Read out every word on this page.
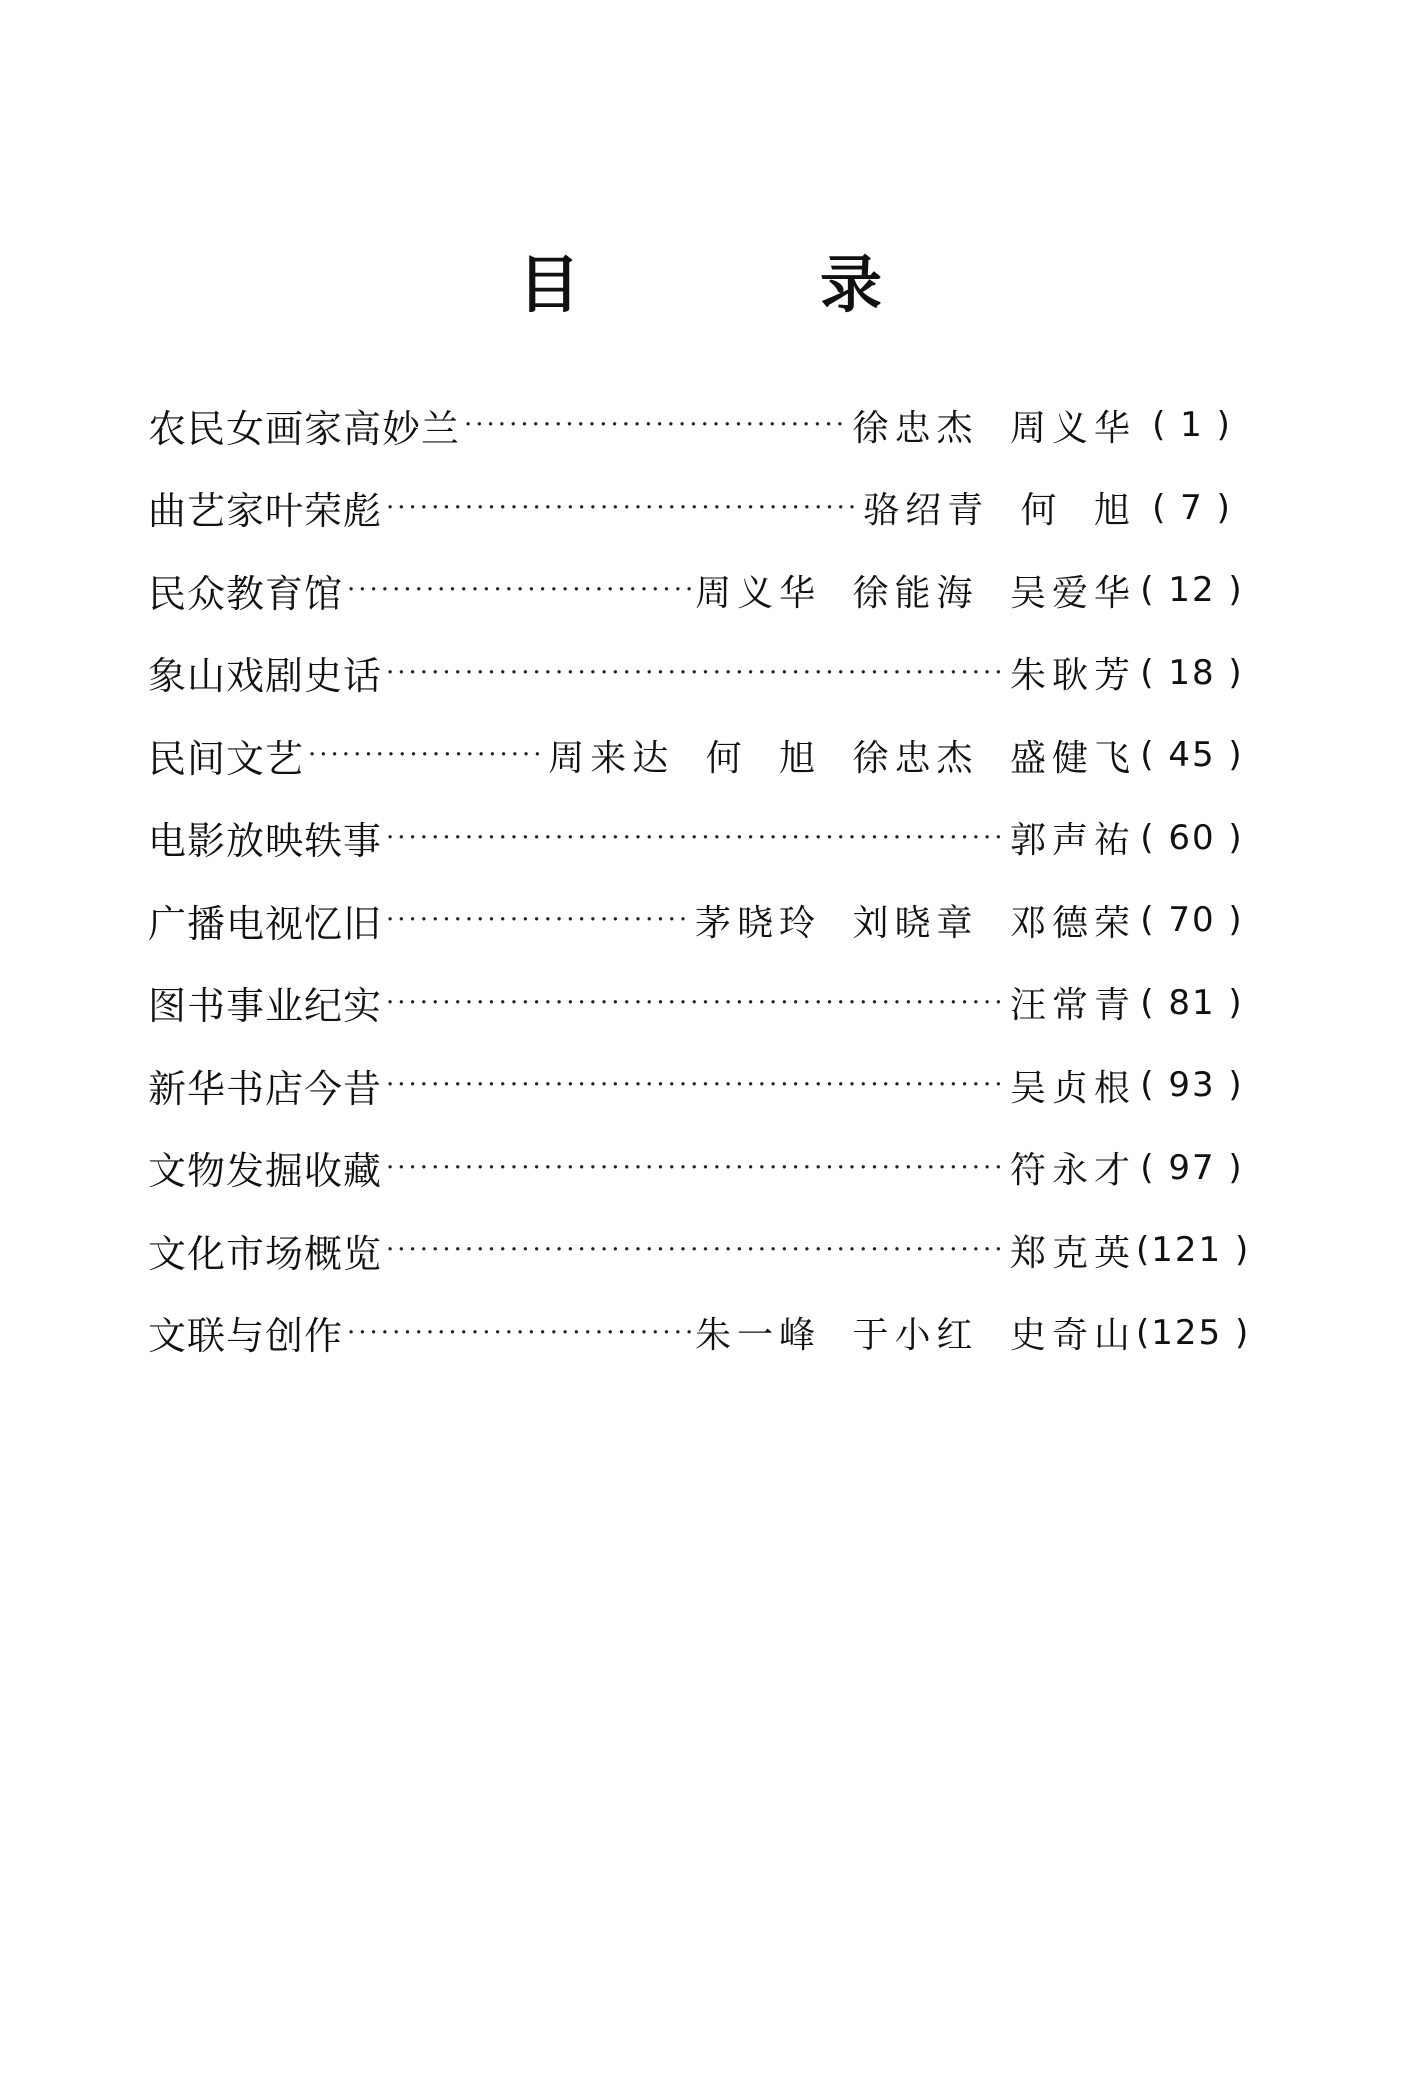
目	录
农民女画家高妙兰 ·····	徐忠杰 周义华 ( 1 )
曲艺家叶荣彪 ·····	骆绍青 何 旭 ( 7 )
民众教育馆 ·····	周义华 徐能海 吴爱华 ( 12 )
象山戏剧史话 ·····	朱耿芳 ( 18 )
民间文艺 ·····	周来达 何 旭 徐忠杰 盛健飞 ( 45 )
电影放映轶事 ·····	郭声祐 ( 60 )
广播电视忆旧 ·····	茅晓玲 刘晓章 邓德荣 ( 70 )
图书事业纪实 ·····	汪常青 ( 81 )
新华书店今昔 ·····	吴贞根 ( 93 )
文物发掘收藏 ·····	符永才 ( 97 )
文化市场概览 ·····	郑克英 (121 )
文联与创作 ·····	朱一峰 于小红 史奇山 (125 )
